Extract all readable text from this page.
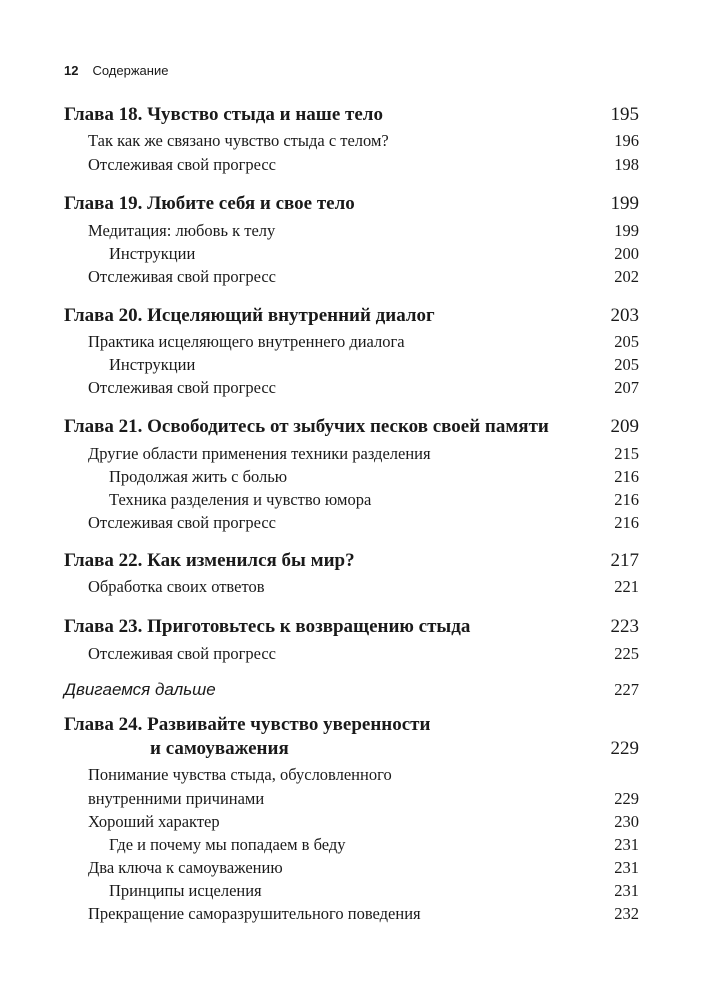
12 Содержание
Глава 18. Чувство стыда и наше тело	195
Так как же связано чувство стыда с телом?	196
Отслеживая свой прогресс	198
Глава 19. Любите себя и свое тело	199
Медитация: любовь к телу	199
Инструкции	200
Отслеживая свой прогресс	202
Глава 20. Исцеляющий внутренний диалог	203
Практика исцеляющего внутреннего диалога	205
Инструкции	205
Отслеживая свой прогресс	207
Глава 21. Освободитесь от зыбучих песков своей памяти	209
Другие области применения техники разделения	215
Продолжая жить с болью	216
Техника разделения и чувство юмора	216
Отслеживая свой прогресс	216
Глава 22. Как изменился бы мир?	217
Обработка своих ответов	221
Глава 23. Приготовьтесь к возвращению стыда	223
Отслеживая свой прогресс	225
Двигаемся дальше	227
Глава 24. Развивайте чувство уверенности
и самоуважения	229
Понимание чувства стыда, обусловленного
внутренними причинами	229
Хороший характер	230
Где и почему мы попадаем в беду	231
Два ключа к самоуважению	231
Принципы исцеления	231
Прекращение саморазрушительного поведения	232
